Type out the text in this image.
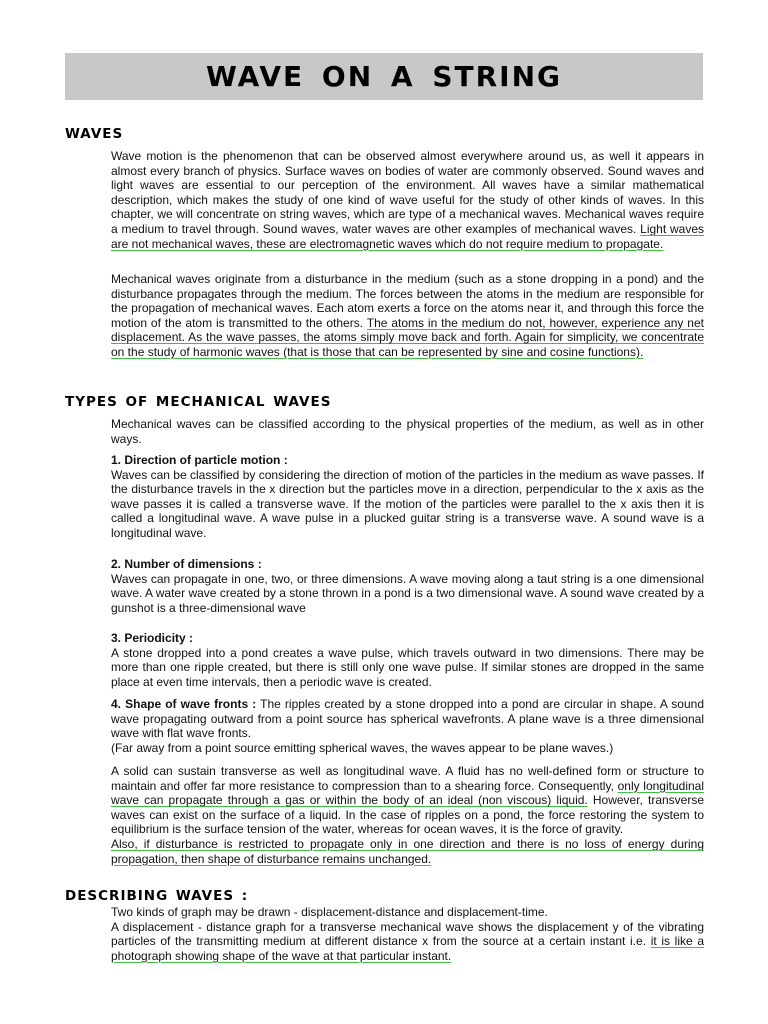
WAVE ON A STRING
WAVES

Wave motion is the phenomenon that can be observed almost everywhere around us, as well it appears in almost every branch of physics. Surface waves on bodies of water are commonly observed. Sound waves and light waves are essential to our perception of the environment. All waves have a similar mathematical description, which makes the study of one kind of wave useful for the study of other kinds of waves. In this chapter, we will concentrate on string waves, which are type of a mechanical waves. Mechanical waves require a medium to travel through. Sound waves, water waves are other examples of mechanical waves. Light waves are not mechanical waves, these are electromagnetic waves which do not require medium to propagate.

Mechanical waves originate from a disturbance in the medium (such as a stone dropping in a pond) and the disturbance propagates through the medium. The forces between the atoms in the medium are responsible for the propagation of mechanical waves. Each atom exerts a force on the atoms near it, and through this force the motion of the atom is transmitted to the others. The atoms in the medium do not, however, experience any net displacement. As the wave passes, the atoms simply move back and forth. Again for simplicity, we concentrate on the study of harmonic waves (that is those that can be represented by sine and cosine functions).

TYPES OF MECHANICAL WAVES

Mechanical waves can be classified according to the physical properties of the medium, as well as in other ways.

1. Direction of particle motion :
Waves can be classified by considering the direction of motion of the particles in the medium as wave passes. If the disturbance travels in the x direction but the particles move in a direction, perpendicular to the x axis as the wave passes it is called a transverse wave. If the motion of the particles were parallel to the x axis then it is called a longitudinal wave. A wave pulse in a plucked guitar string is a transverse wave. A sound wave is a longitudinal wave.
2. Number of dimensions :
Waves can propagate in one, two, or three dimensions. A wave moving along a taut string is a one dimensional wave. A water wave created by a stone thrown in a pond is a two dimensional wave. A sound wave created by a gunshot is a three-dimensional wave
3. Periodicity :
A stone dropped into a pond creates a wave pulse, which travels outward in two dimensions. There may be more than one ripple created, but there is still only one wave pulse. If similar stones are dropped in the same place at even time intervals, then a periodic wave is created.
4. Shape of wave fronts : The ripples created by a stone dropped into a pond are circular in shape. A sound wave propagating outward from a point source has spherical wavefronts. A plane wave is a three dimensional wave with flat wave fronts.
(Far away from a point source emitting spherical waves, the waves appear to be plane waves.)

A solid can sustain transverse as well as longitudinal wave. A fluid has no well-defined form or structure to maintain and offer far more resistance to compression than to a shearing force. Consequently, only longitudinal wave can propagate through a gas or within the body of an ideal (non viscous) liquid. However, transverse waves can exist on the surface of a liquid. In the case of ripples on a pond, the force restoring the system to equilibrium is the surface tension of the water, whereas for ocean waves, it is the force of gravity.
Also, if disturbance is restricted to propagate only in one direction and there is no loss of energy during propagation, then shape of disturbance remains unchanged.

DESCRIBING WAVES :
Two kinds of graph may be drawn - displacement-distance and displacement-time.
A displacement - distance graph for a transverse mechanical wave shows the displacement y of the vibrating particles of the transmitting medium at different distance x from the source at a certain instant i.e. it is like a photograph showing shape of the wave at that particular instant.
